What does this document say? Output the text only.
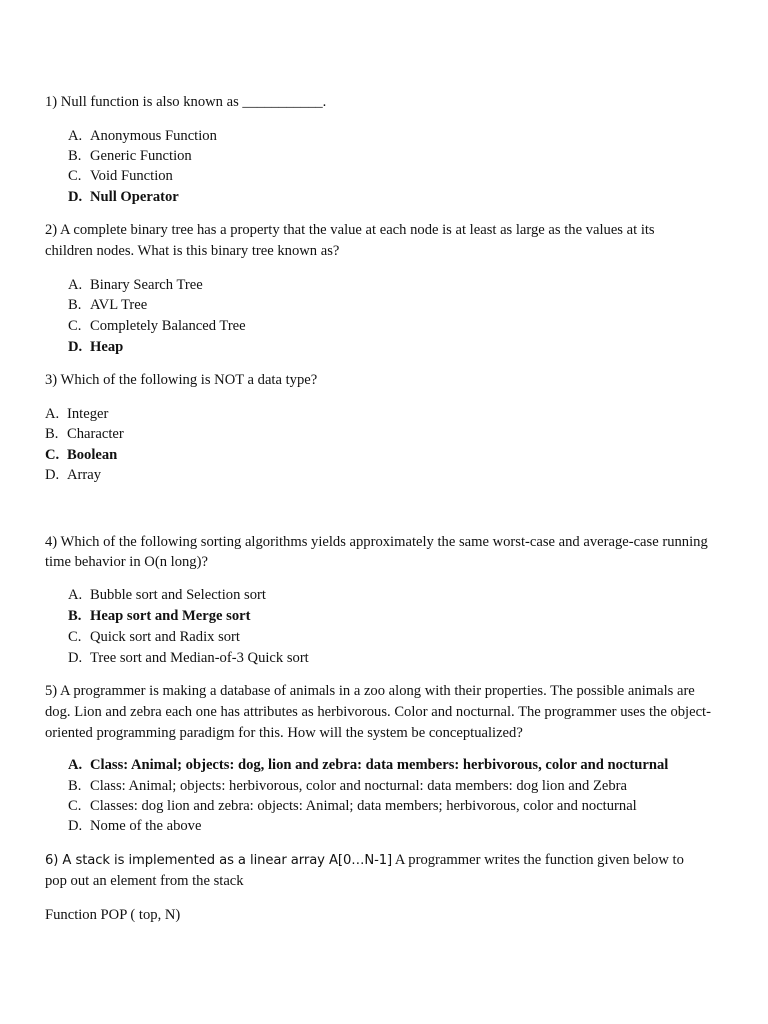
1) Null function is also known as ___________.
A. Anonymous Function
B. Generic Function
C. Void Function
D. Null Operator
2) A complete binary tree has a property that the value at each node is at least as large as the values at its
children nodes. What is this binary tree known as?
A. Binary Search Tree
B. AVL Tree
C. Completely Balanced Tree
D. Heap
3) Which of the following is NOT a data type?
A. Integer
B. Character
C. Boolean
D. Array
4) Which of the following sorting algorithms yields approximately the same worst-case and average-case running
time behavior in O(n long)?
A. Bubble sort and Selection sort
B. Heap sort and Merge sort
C. Quick sort and Radix sort
D. Tree sort and Median-of-3 Quick sort
5) A programmer is making a database of animals in a zoo along with their properties. The possible animals are
dog. Lion and zebra each one has attributes as herbivorous. Color and nocturnal. The programmer uses the object-
oriented programming paradigm for this. How will the system be conceptualized?
A. Class: Animal; objects: dog, lion and zebra: data members: herbivorous, color and nocturnal
B. Class: Animal; objects: herbivorous, color and nocturnal: data members: dog lion and Zebra
C. Classes: dog lion and zebra: objects: Animal; data members; herbivorous, color and nocturnal
D. Nome of the above
6) A stack is implemented as a linear array A[0…N-1] A programmer writes the function given below to
pop out an element from the stack
Function POP ( top, N)
